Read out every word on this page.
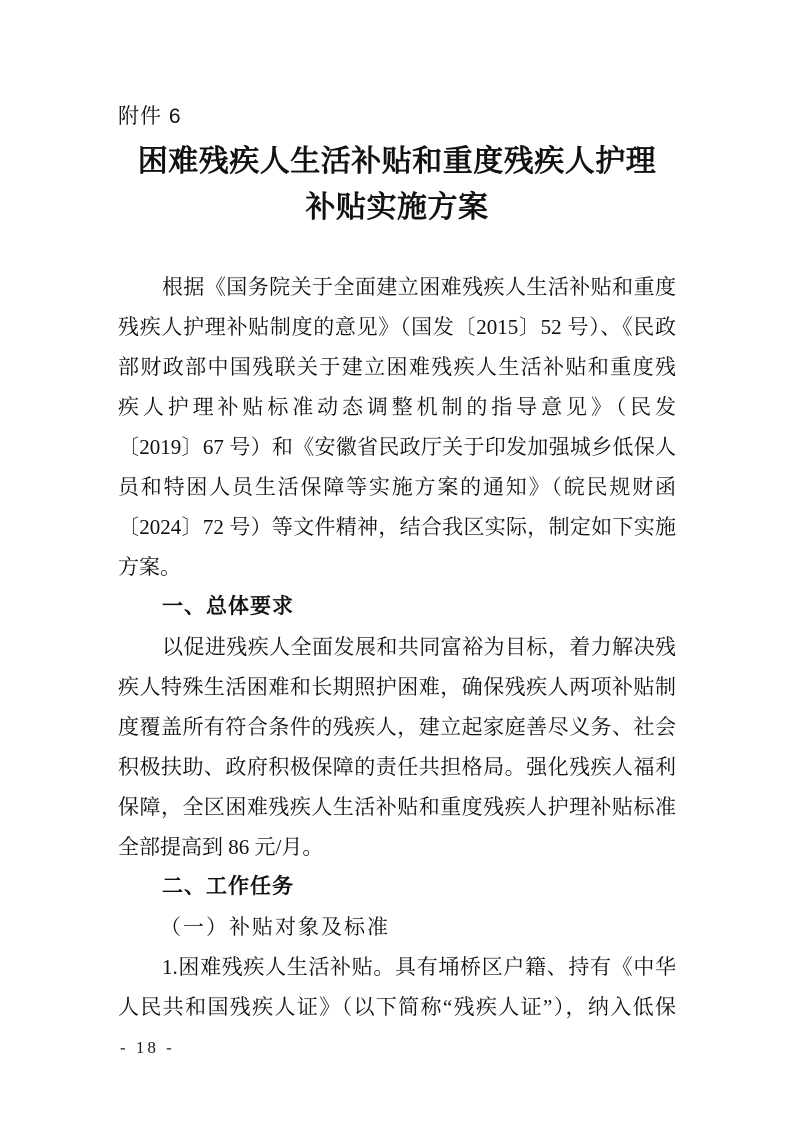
附件 6
困难残疾人生活补贴和重度残疾人护理
补贴实施方案
根据《国务院关于全面建立困难残疾人生活补贴和重度
残疾人护理补贴制度的意见》（国发〔2015〕52 号）、《民政
部财政部中国残联关于建立困难残疾人生活补贴和重度残
疾人护理补贴标准动态调整机制的指导意见》（民发
〔2019〕67 号）和《安徽省民政厅关于印发加强城乡低保人
员和特困人员生活保障等实施方案的通知》（皖民规财函
〔2024〕72 号）等文件精神，结合我区实际，制定如下实施
方案。
一、总体要求
以促进残疾人全面发展和共同富裕为目标，着力解决残
疾人特殊生活困难和长期照护困难，确保残疾人两项补贴制
度覆盖所有符合条件的残疾人，建立起家庭善尽义务、社会
积极扶助、政府积极保障的责任共担格局。强化残疾人福利
保障，全区困难残疾人生活补贴和重度残疾人护理补贴标准
全部提高到 86 元/月。
二、工作任务
（一）补贴对象及标准
1.困难残疾人生活补贴。具有埇桥区户籍、持有《中华
人民共和国残疾人证》（以下简称“残疾人证”），纳入低保
- 18 -
